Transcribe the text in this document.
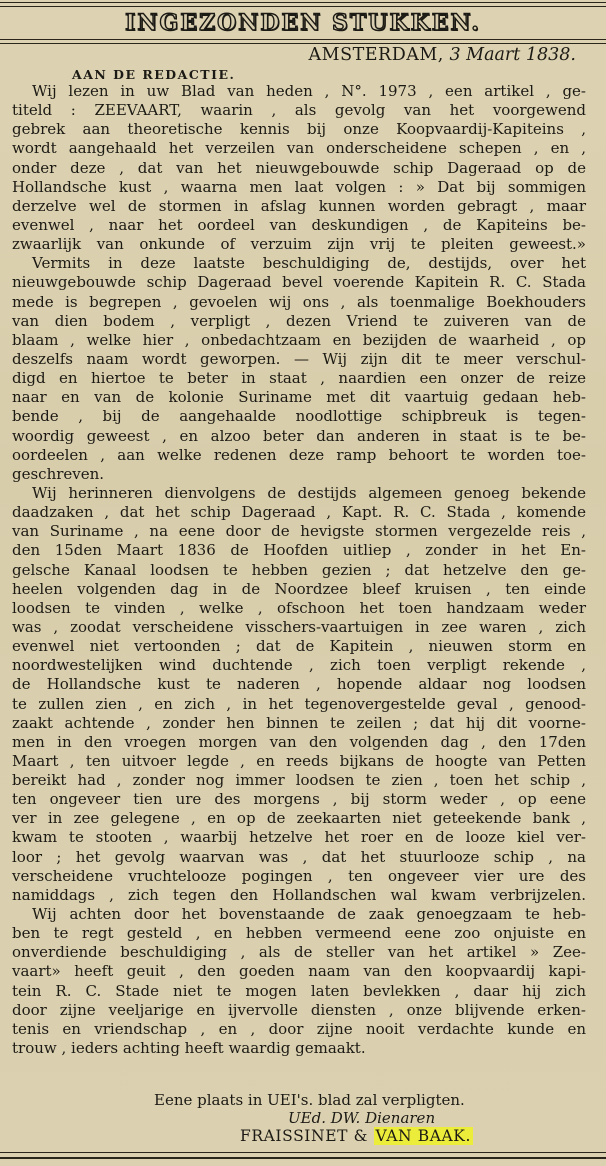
INGEZONDEN STUKKEN.
AMSTERDAM, 3 Maart 1838.
AAN DE REDACTIE.
Wij lezen in uw Blad van heden , N°. 1973 , een artikel , ge-
titeld : ZEEVAART, waarin , als gevolg van het voorgewend
gebrek aan theoretische kennis bij onze Koopvaardij-Kapiteins ,
wordt aangehaald het verzeilen van onderscheidene schepen , en ,
onder deze , dat van het nieuwgebouwde schip Dageraad op de
Hollandsche kust , waarna men laat volgen : » Dat bij sommigen
derzelve wel de stormen in afslag kunnen worden gebragt , maar
evenwel , naar het oordeel van deskundigen , de Kapiteins be-
zwaarlijk van onkunde of verzuim zijn vrij te pleiten geweest.»
Vermits in deze laatste beschuldiging de, destijds, over het
nieuwgebouwde schip Dageraad bevel voerende Kapitein R. C. Stada
mede is begrepen , gevoelen wij ons , als toenmalige Boekhouders
van dien bodem , verpligt , dezen Vriend te zuiveren van de
blaam , welke hier , onbedachtzaam en bezijden de waarheid , op
deszelfs naam wordt geworpen. — Wij zijn dit te meer verschul-
digd en hiertoe te beter in staat , naardien een onzer de reize
naar en van de kolonie Suriname met dit vaartuig gedaan heb-
bende , bij de aangehaalde noodlottige schipbreuk is tegen-
woordig geweest , en alzoo beter dan anderen in staat is te be-
oordeelen , aan welke redenen deze ramp behoort te worden toe-
geschreven.
Wij herinneren dienvolgens de destijds algemeen genoeg bekende
daadzaken , dat het schip Dageraad , Kapt. R. C. Stada , komende
van Suriname , na eene door de hevigste stormen vergezelde reis ,
den 15den Maart 1836 de Hoofden uitliep , zonder in het En-
gelsche Kanaal loodsen te hebben gezien ; dat hetzelve den ge-
heelen volgenden dag in de Noordzee bleef kruisen , ten einde
loodsen te vinden , welke , ofschoon het toen handzaam weder
was , zoodat verscheidene visschers-vaartuigen in zee waren , zich
evenwel niet vertoonden ; dat de Kapitein , nieuwen storm en
noordwestelijken wind duchtende , zich toen verpligt rekende ,
de Hollandsche kust te naderen , hopende aldaar nog loodsen
te zullen zien , en zich , in het tegenovergestelde geval , genood-
zaakt achtende , zonder hen binnen te zeilen ; dat hij dit voorne-
men in den vroegen morgen van den volgenden dag , den 17den
Maart , ten uitvoer legde , en reeds bijkans de hoogte van Petten
bereikt had , zonder nog immer loodsen te zien , toen het schip ,
ten ongeveer tien ure des morgens , bij storm weder , op eene
ver in zee gelegene , en op de zeekaarten niet geteekende bank ,
kwam te stooten , waarbij hetzelve het roer en de looze kiel ver-
loor ; het gevolg waarvan was , dat het stuurlooze schip , na
verscheidene vruchtelooze pogingen , ten ongeveer vier ure des
namiddags , zich tegen den Hollandschen wal kwam verbrijzelen.
Wij achten door het bovenstaande de zaak genoegzaam te heb-
ben te regt gesteld , en hebben vermeend eene zoo onjuiste en
onverdiende beschuldiging , als de steller van het artikel » Zee-
vaart» heeft geuit , den goeden naam van den koopvaardij kapi-
tein R. C. Stade niet te mogen laten bevlekken , daar hij zich
door zijne veeljarige en ijvervolle diensten , onze blijvende erken-
tenis en vriendschap , en , door zijne nooit verdachte kunde en
trouw , ieders achting heeft waardig gemaakt.
Eene plaats in UEI's. blad zal verpligten.
UEd. DW. Dienaren
FRAISSINET & VAN BAAK.
